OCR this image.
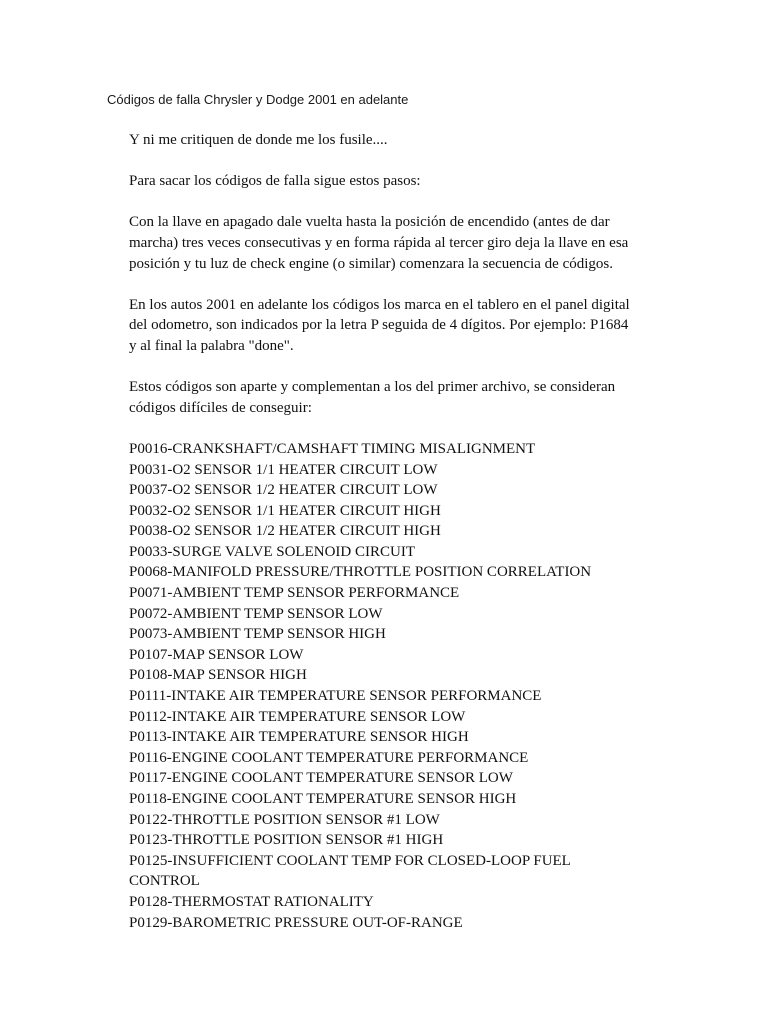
Códigos de falla Chrysler y Dodge 2001 en adelante

Y ni me critiquen de donde me los fusile....

Para sacar los códigos de falla sigue estos pasos:

Con la llave en apagado dale vuelta hasta la posición de encendido (antes de dar
marcha) tres veces consecutivas y en forma rápida al tercer giro deja la llave en esa
posición y tu luz de check engine (o similar) comenzara la secuencia de códigos.

En los autos 2001 en adelante los códigos los marca en el tablero en el panel digital
del odometro, son indicados por la letra P seguida de 4 dígitos. Por ejemplo: P1684
y al final la palabra "done".

Estos códigos son aparte y complementan a los del primer archivo, se consideran
códigos difíciles de conseguir:

P0016-CRANKSHAFT/CAMSHAFT TIMING MISALIGNMENT
P0031-O2 SENSOR 1/1 HEATER CIRCUIT LOW
P0037-O2 SENSOR 1/2 HEATER CIRCUIT LOW
P0032-O2 SENSOR 1/1 HEATER CIRCUIT HIGH
P0038-O2 SENSOR 1/2 HEATER CIRCUIT HIGH
P0033-SURGE VALVE SOLENOID CIRCUIT
P0068-MANIFOLD PRESSURE/THROTTLE POSITION CORRELATION
P0071-AMBIENT TEMP SENSOR PERFORMANCE
P0072-AMBIENT TEMP SENSOR LOW
P0073-AMBIENT TEMP SENSOR HIGH
P0107-MAP SENSOR LOW
P0108-MAP SENSOR HIGH
P0111-INTAKE AIR TEMPERATURE SENSOR PERFORMANCE
P0112-INTAKE AIR TEMPERATURE SENSOR LOW
P0113-INTAKE AIR TEMPERATURE SENSOR HIGH
P0116-ENGINE COOLANT TEMPERATURE PERFORMANCE
P0117-ENGINE COOLANT TEMPERATURE SENSOR LOW
P0118-ENGINE COOLANT TEMPERATURE SENSOR HIGH
P0122-THROTTLE POSITION SENSOR #1 LOW
P0123-THROTTLE POSITION SENSOR #1 HIGH
P0125-INSUFFICIENT COOLANT TEMP FOR CLOSED-LOOP FUEL
CONTROL
P0128-THERMOSTAT RATIONALITY
P0129-BAROMETRIC PRESSURE OUT-OF-RANGE
